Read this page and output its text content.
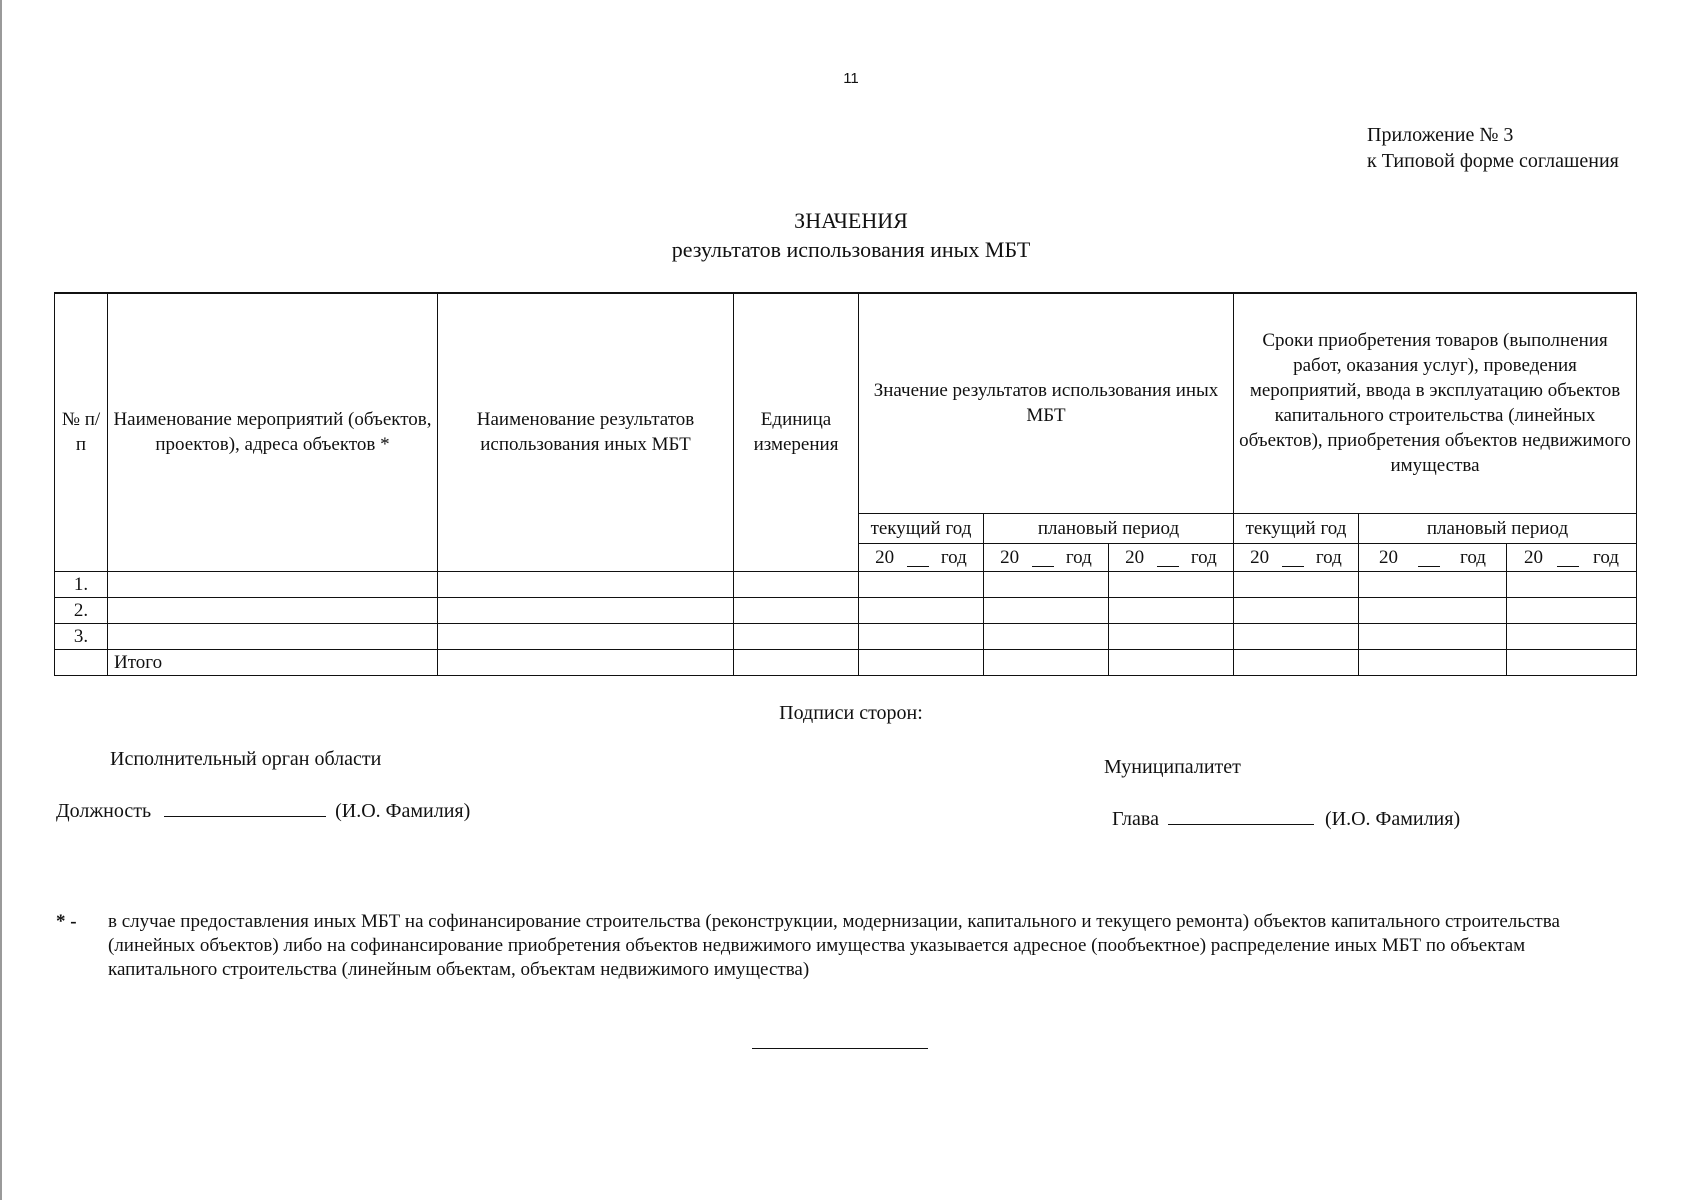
11
Приложение № 3
к Типовой форме соглашения
ЗНАЧЕНИЯ
результатов использования иных МБТ
№ п/п	Наименование мероприятий (объектов, проектов), адреса объектов *	Наименование результатов использования иных МБТ	Единица измерения	Значение результатов использования иных МБТ			Сроки приобретения товаров (выполнения работ, оказания услуг), проведения мероприятий, ввода в эксплуатацию объектов капитального строительства (линейных объектов), приобретения объектов недвижимого имущества		
				текущий год	плановый период		текущий год	плановый период	

				20 год	20 год	20 год	20 год	20 год	20 год

1.									
2.									
3.									
	Итого								
Подписи сторон:
Исполнительный орган области	Муниципалитет
Должность	(И.О. Фамилия)	Глава	(И.О. Фамилия)
* - в случае предоставления иных МБТ на софинансирование строительства (реконструкции, модернизации, капитального и текущего ремонта) объектов капитального строительства (линейных объектов) либо на софинансирование приобретения объектов недвижимого имущества указывается адресное (пообъектное) распределение иных МБТ по объектам капитального строительства (линейным объектам, объектам недвижимого имущества)
